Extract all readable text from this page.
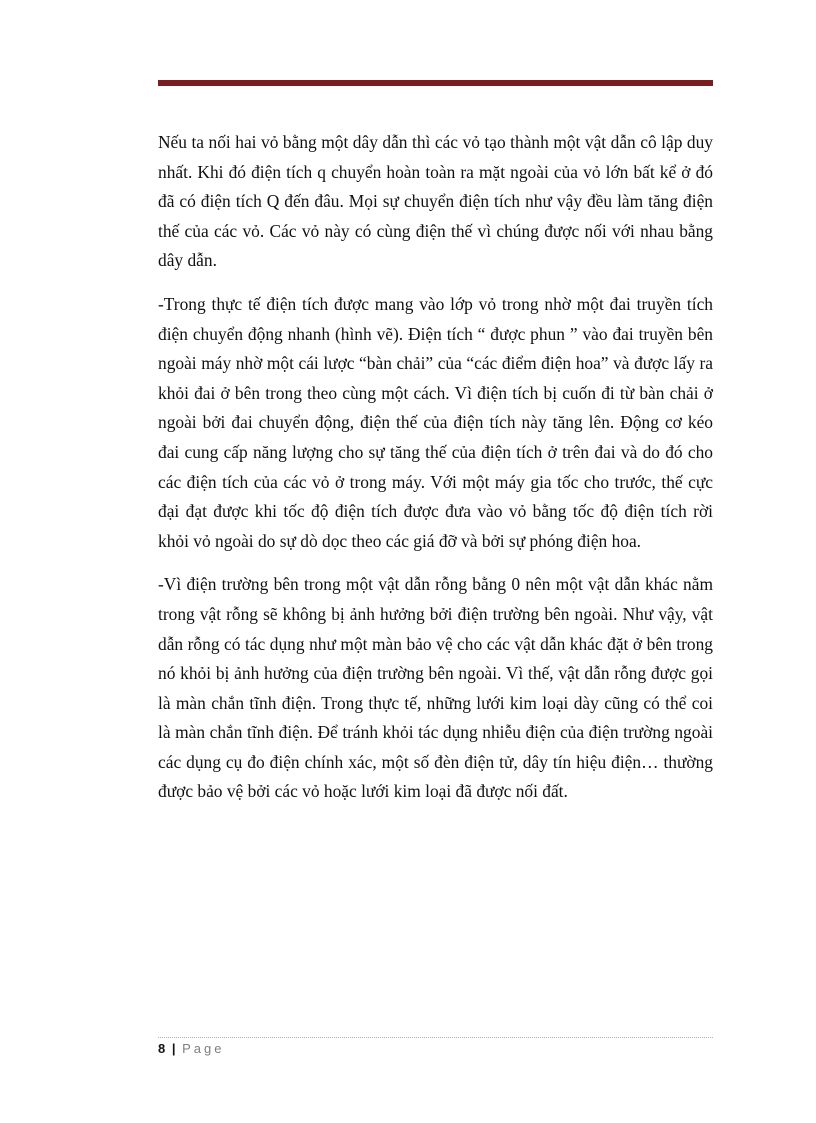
Nếu ta nối hai vỏ bằng một dây dẫn thì các vỏ tạo thành một vật dẫn cô lập duy nhất. Khi đó điện tích q chuyển hoàn toàn ra mặt ngoài của vỏ lớn bất kể ở đó đã có điện tích Q đến đâu. Mọi sự chuyển điện tích như vậy đều làm tăng điện thế của các vỏ. Các vỏ này có cùng điện thế vì chúng được nối với nhau bằng dây dẫn.

-Trong thực tế điện tích được mang vào lớp vỏ trong nhờ một đai truyền tích điện chuyển động nhanh (hình vẽ). Điện tích “ được phun ” vào đai truyền bên ngoài máy nhờ một cái lược “bàn chải” của “các điểm điện hoa” và được lấy ra khỏi đai ở bên trong theo cùng một cách. Vì điện tích bị cuốn đi từ bàn chải ở ngoài bởi đai chuyển động, điện thế của điện tích này tăng lên. Động cơ kéo đai cung cấp năng lượng cho sự tăng thế của điện tích ở trên đai và do đó cho các điện tích của các vỏ ở trong máy. Với một máy gia tốc cho trước, thế cực đại đạt được khi tốc độ điện tích được đưa vào vỏ bằng tốc độ điện tích rời khỏi vỏ ngoài do sự dò dọc theo các giá đỡ và bởi sự phóng điện hoa.

-Vì điện trường bên trong một vật dẫn rỗng bằng 0 nên một vật dẫn khác nằm trong vật rỗng sẽ không bị ảnh hưởng bởi điện trường bên ngoài. Như vậy, vật dẫn rỗng có tác dụng như một màn bảo vệ cho các vật dẫn khác đặt ở bên trong nó khỏi bị ảnh hưởng của điện trường bên ngoài. Vì thế, vật dẫn rỗng được gọi là màn chắn tĩnh điện. Trong thực tế, những lưới kim loại dày cũng có thể coi là màn chắn tĩnh điện. Để tránh khỏi tác dụng nhiễu điện của điện trường ngoài các dụng cụ đo điện chính xác, một số đèn điện tử, dây tín hiệu điện… thường được bảo vệ bởi các vỏ hoặc lưới kim loại đã được nối đất.

8 | Page
